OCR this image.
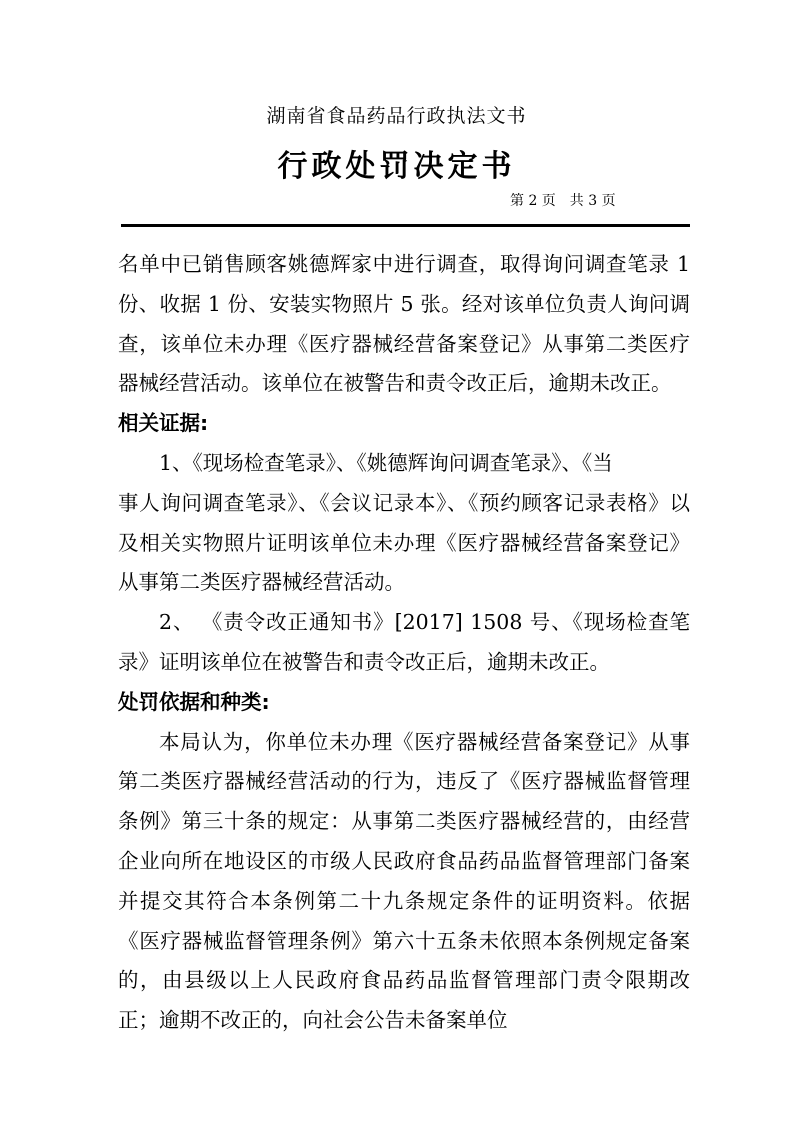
湖南省食品药品行政执法文书
行政处罚决定书
第 2 页　共 3 页

名单中已销售顾客姚德辉家中进行调查，取得询问调查笔录 1 份、收据 1 份、安装实物照片 5 张。经对该单位负责人询问调查，该单位未办理《医疗器械经营备案登记》从事第二类医疗器械经营活动。该单位在被警告和责令改正后，逾期未改正。

相关证据:

1、《现场检查笔录》、《姚德辉询问调查笔录》、《当

事人询问调查笔录》、《会议记录本》、《预约顾客记录表格》以及相关实物照片证明该单位未办理《医疗器械经营备案登记》从事第二类医疗器械经营活动。

2、 《责令改正通知书》[2017] 1508 号、《现场检查笔录》证明该单位在被警告和责令改正后，逾期未改正。

处罚依据和种类:

本局认为，你单位未办理《医疗器械经营备案登记》从事第二类医疗器械经营活动的行为，违反了《医疗器械监督管理条例》第三十条的规定：从事第二类医疗器械经营的，由经营企业向所在地设区的市级人民政府食品药品监督管理部门备案并提交其符合本条例第二十九条规定条件的证明资料。依据《医疗器械监督管理条例》第六十五条未依照本条例规定备案的，由县级以上人民政府食品药品监督管理部门责令限期改正；逾期不改正的，向社会公告未备案单位
